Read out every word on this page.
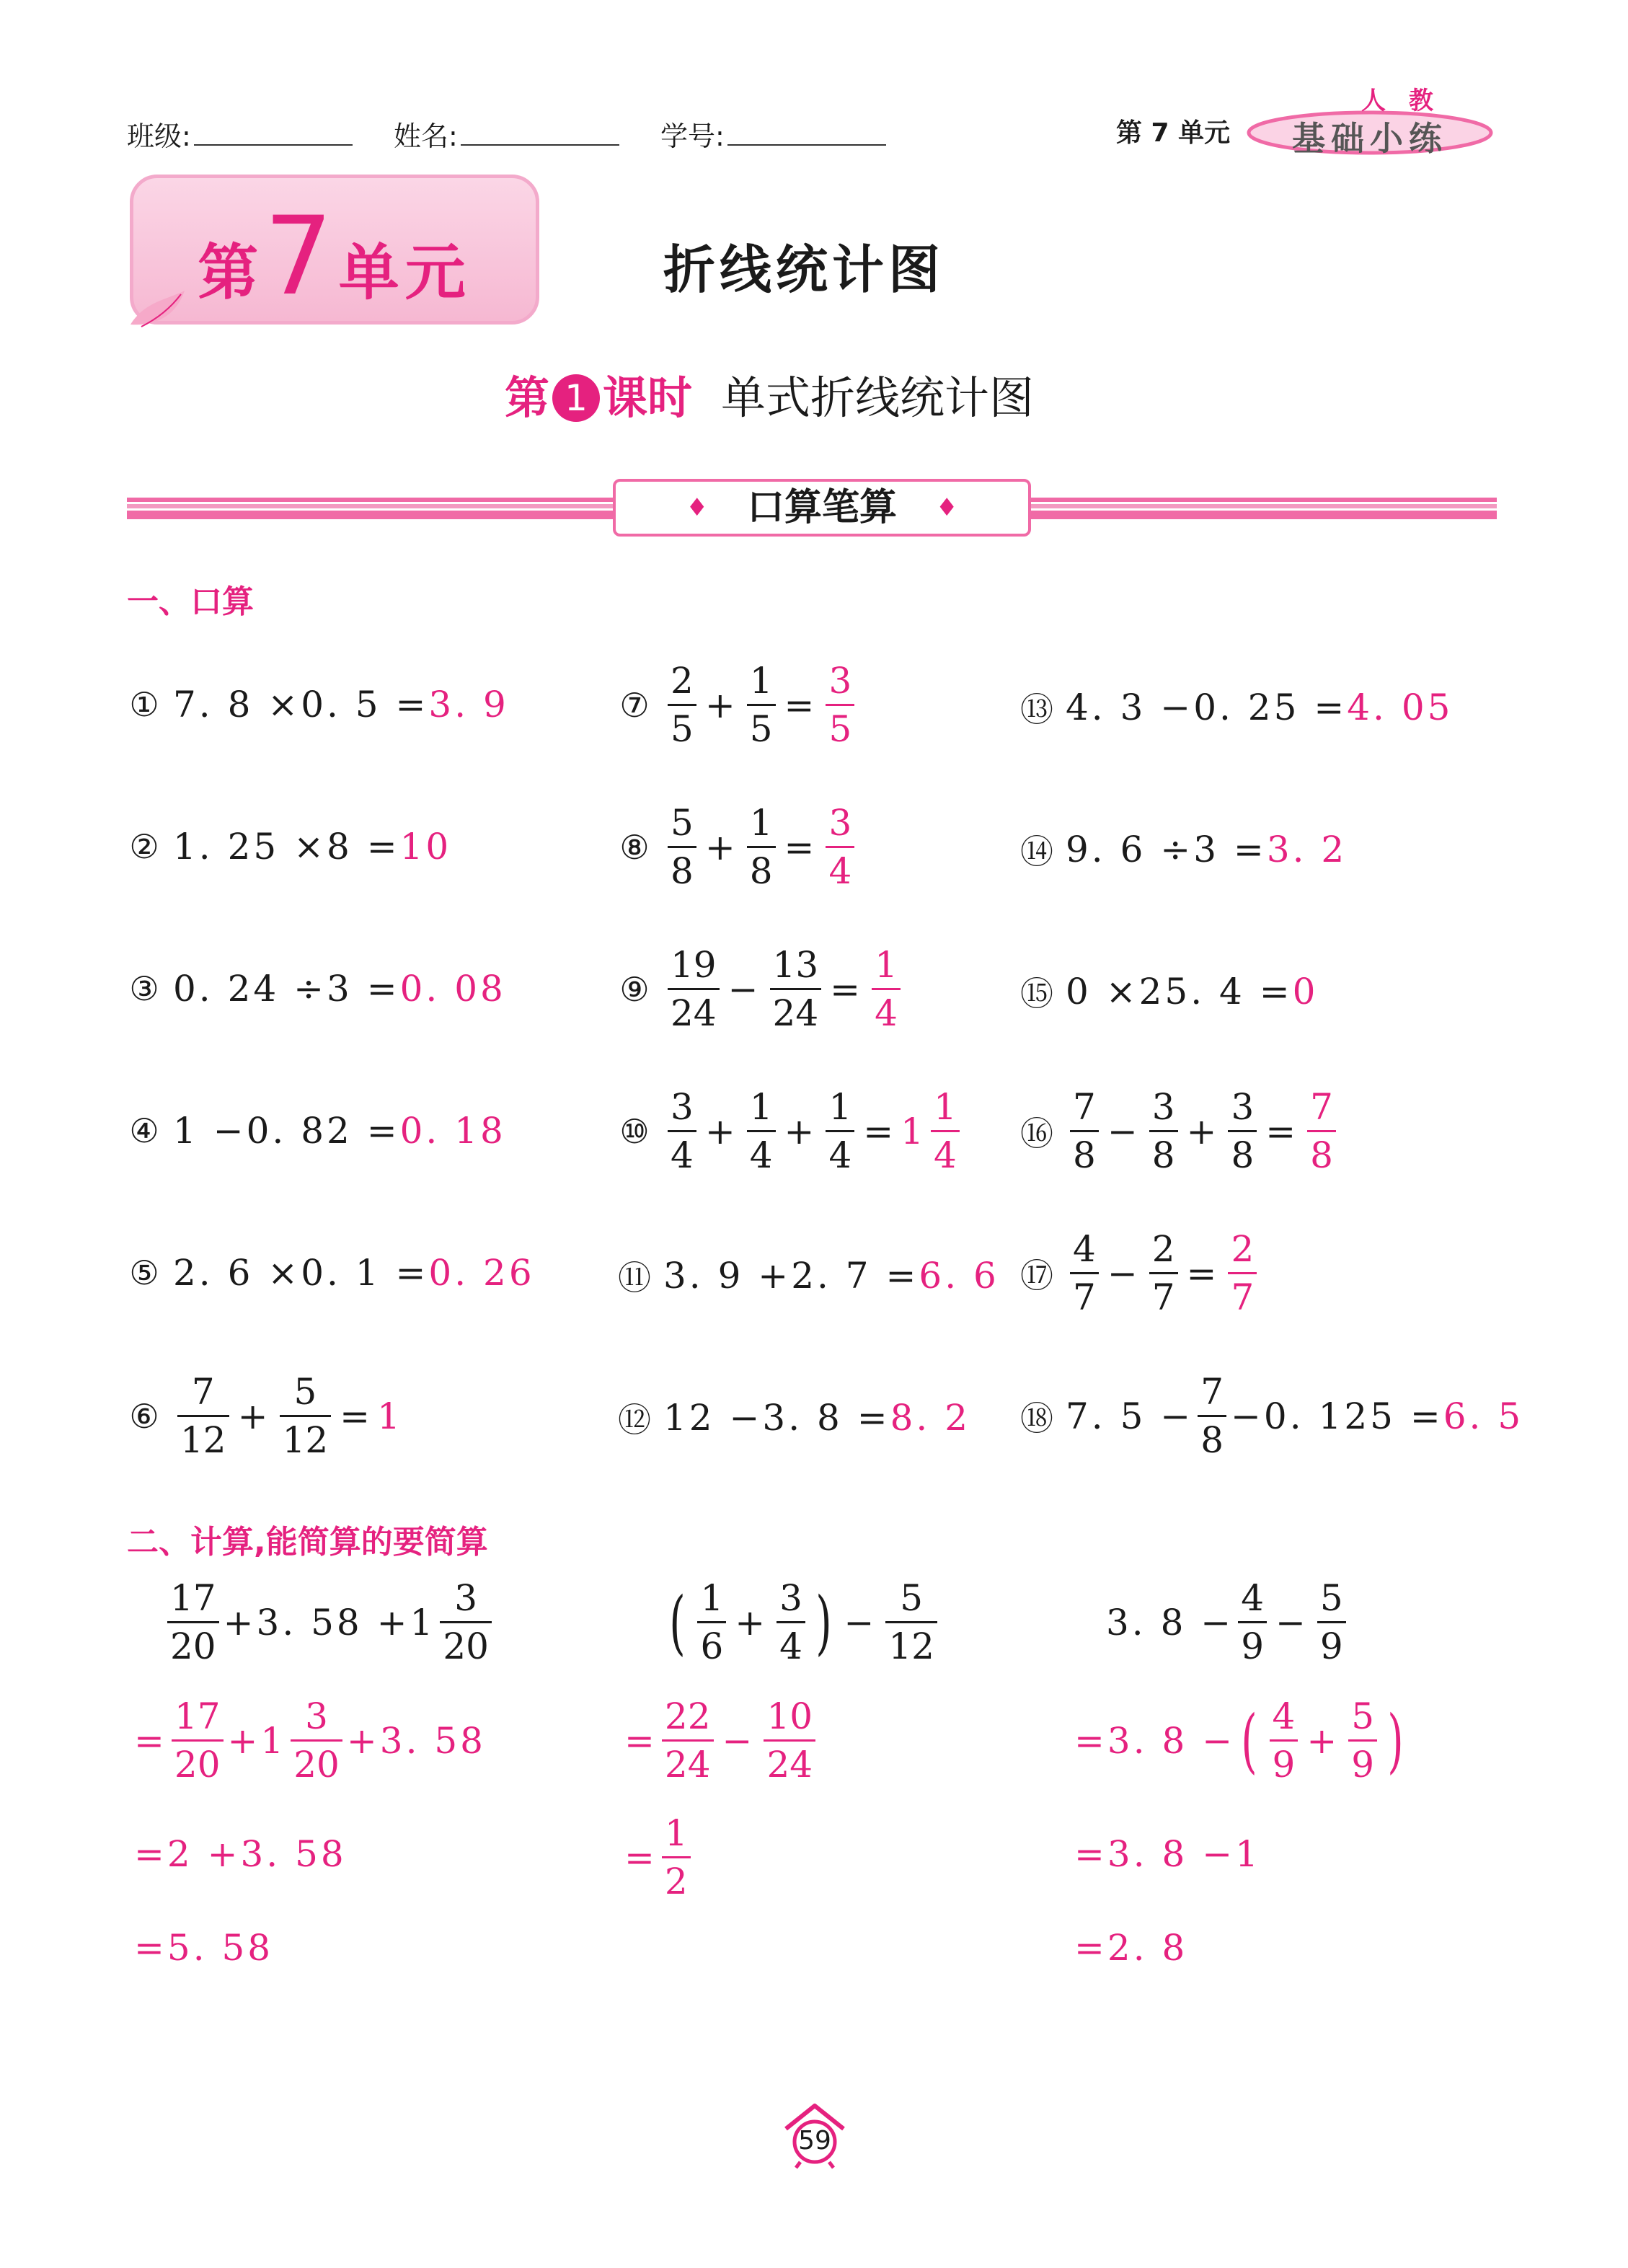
班级:	姓名:	学号:	第 7 单元
人 教
基础小练
第7单元	折线统计图
第 1 课时 单式折线统计图
♦ 口算笔算 ♦
一、口算
① 7. 8 ×0. 5 = 3. 9
② 1. 25 ×8 = 10
③ 0. 24 ÷3 = 0. 08
④ 1 −0. 82 = 0. 18
⑤ 2. 6 ×0. 1 = 0. 26
⑥ $\frac{7}{12} + \frac{5}{12} = 1$
⑦ $\frac{2}{5} + \frac{1}{5} = \frac{3}{5}$
⑧ $\frac{5}{8} + \frac{1}{8} = \frac{3}{4}$
⑨ $\frac{19}{24} - \frac{13}{24} = \frac{1}{4}$
⑩ $\frac{3}{4} + \frac{1}{4} + \frac{1}{4} = 1 \frac{1}{4}$
⑪ 3. 9 +2. 7 = 6. 6
⑫ 12 −3. 8 = 8. 2
⑬ 4. 3 −0. 25 = 4. 05
⑭ 9. 6 ÷3 = 3. 2
⑮ 0 ×25. 4 = 0
⑯ $\frac{7}{8} - \frac{3}{8} + \frac{3}{8} = \frac{7}{8}$
⑰ $\frac{4}{7} - \frac{2}{7} = \frac{2}{7}$
⑱ 7. $5 - \frac{7}{8} -0$. 125 = 6. 5
二、计算,能简算的要简算
$\frac{17}{20} +3$. $58 +1 \frac{3}{20}$
= $\frac{17}{20} +1 \frac{3}{20} +3$. 58
=2 +3. 58
=5. 58
( $\frac{1}{6} + \frac{3}{4}$ ) − $\frac{5}{12}$
= $\frac{22}{24} - \frac{10}{24}$
= $\frac{1}{2}$
3. $8 - \frac{4}{9} - \frac{5}{9}$
=3. 8 − ( $\frac{4}{9} + \frac{5}{9}$ )
=3. 8 −1
=2. 8
59
